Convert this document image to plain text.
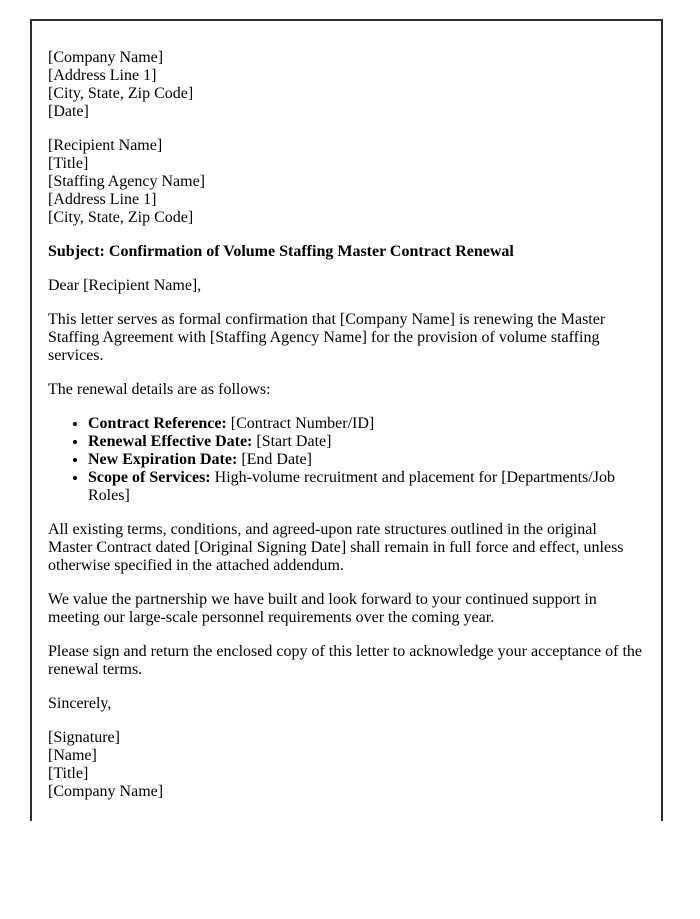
[Company Name]
[Address Line 1]
[City, State, Zip Code]
[Date]

[Recipient Name]
[Title]
[Staffing Agency Name]
[Address Line 1]
[City, State, Zip Code]

Subject: Confirmation of Volume Staffing Master Contract Renewal

Dear [Recipient Name],

This letter serves as formal confirmation that [Company Name] is renewing the Master Staffing Agreement with [Staffing Agency Name] for the provision of volume staffing services.

The renewal details are as follows:

• Contract Reference: [Contract Number/ID]
• Renewal Effective Date: [Start Date]
• New Expiration Date: [End Date]
• Scope of Services: High-volume recruitment and placement for [Departments/Job Roles]

All existing terms, conditions, and agreed-upon rate structures outlined in the original Master Contract dated [Original Signing Date] shall remain in full force and effect, unless otherwise specified in the attached addendum.

We value the partnership we have built and look forward to your continued support in meeting our large-scale personnel requirements over the coming year.

Please sign and return the enclosed copy of this letter to acknowledge your acceptance of the renewal terms.

Sincerely,

[Signature]
[Name]
[Title]
[Company Name]
